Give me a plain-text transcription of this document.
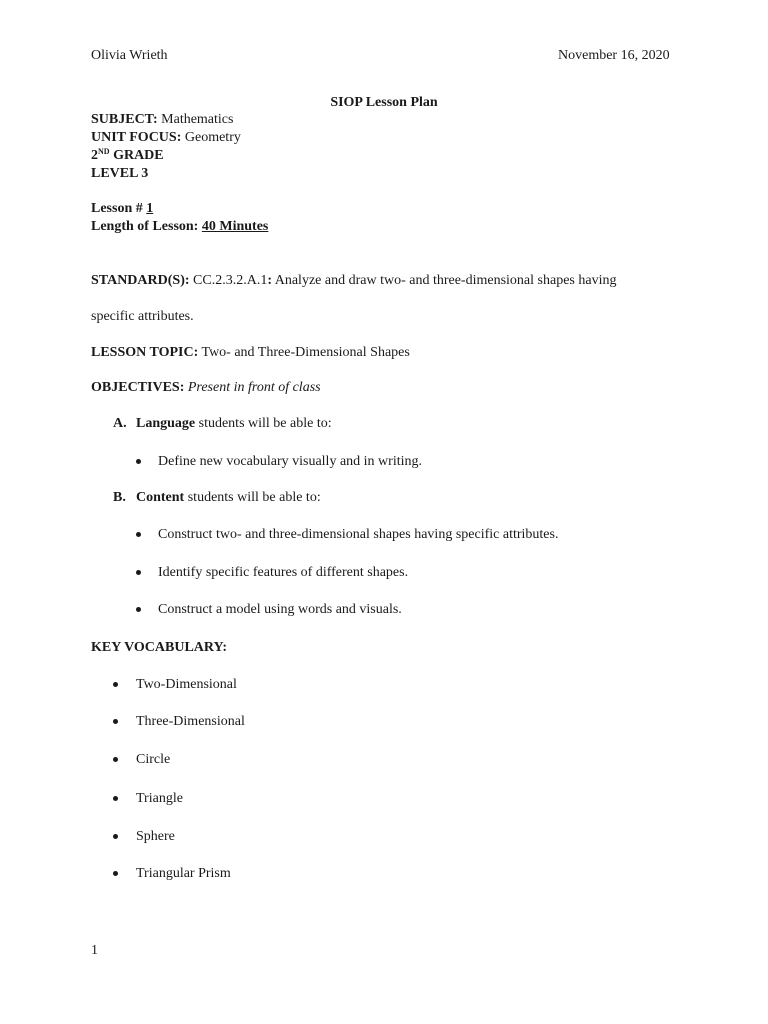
Olivia Wrieth	November 16, 2020
SIOP Lesson Plan
SUBJECT: Mathematics
UNIT FOCUS: Geometry
2ND GRADE
LEVEL 3
Lesson # 1
Length of Lesson: 40 Minutes
STANDARD(S): CC.2.3.2.A.1: Analyze and draw two- and three-dimensional shapes having
specific attributes.
LESSON TOPIC: Two- and Three-Dimensional Shapes
OBJECTIVES: Present in front of class
A. Language students will be able to:
Define new vocabulary visually and in writing.
B. Content students will be able to:
Construct two- and three-dimensional shapes having specific attributes.
Identify specific features of different shapes.
Construct a model using words and visuals.
KEY VOCABULARY:
Two-Dimensional
Three-Dimensional
Circle
Triangle
Sphere
Triangular Prism
1
